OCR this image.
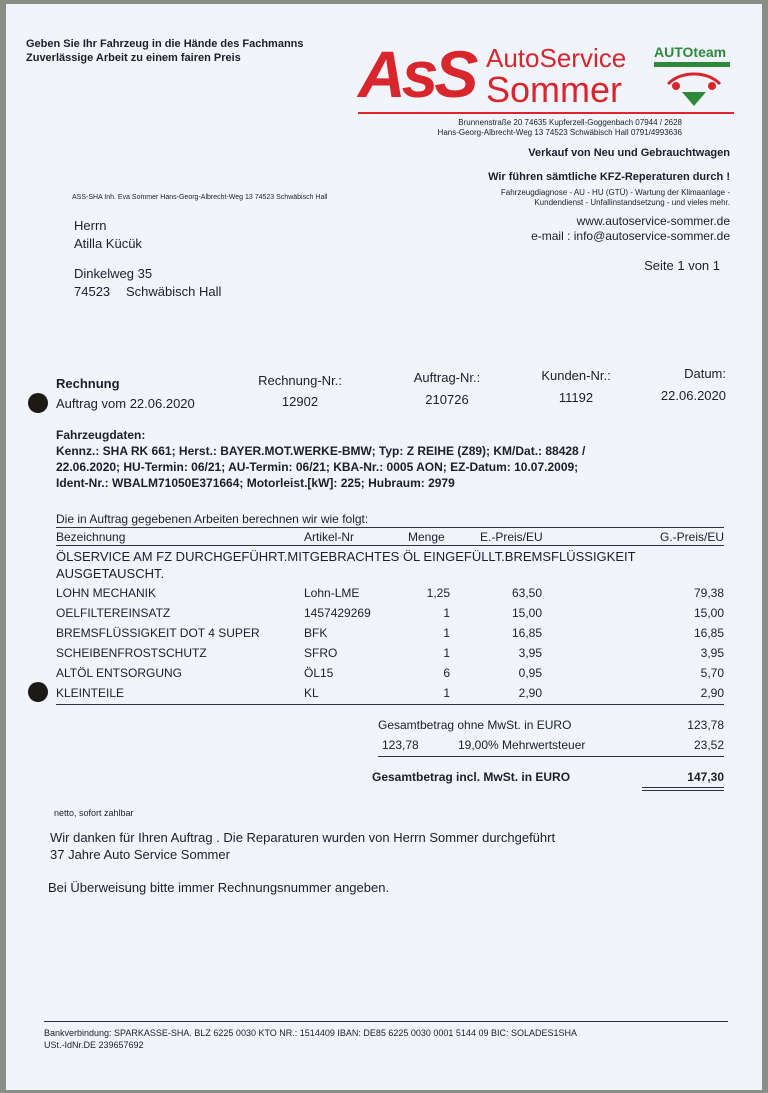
Geben Sie Ihr Fahrzeug in die Hände des Fachmanns
Zuverlässige Arbeit zu einem fairen Preis AsS AutoService
Sommer
AUTOteam
Brunnenstraße 20 74635 Kupferzell-Goggenbach 07944 / 2628
Hans-Georg-Albrecht-Weg 13 74523 Schwäbisch Hall 0791/4993636
Verkauf von Neu und Gebrauchtwagen
Wir führen sämtliche KFZ-Reperaturen durch !
Fahrzeugdiagnose - AU - HU (GTÜ) - Wartung der Klimaanlage -
Kundendienst - Unfallinstandsetzung - und vieles mehr.
www.autoservice-sommer.de
e-mail : info@autoservice-sommer.de
ASS-SHA Inh. Eva Sommer Hans-Georg-Albrecht-Weg 13 74523 Schwäbisch Hall
Herrn
Atilla Kücük
Dinkelweg 35
74523 Schwäbisch Hall
Seite 1 von 1
Rechnung
Auftrag vom 22.06.2020
Rechnung-Nr.:	Auftrag-Nr.:	Kunden-Nr.:	Datum:
12902	210726	11192	22.06.2020
Fahrzeugdaten:
Kennz.: SHA RK 661; Herst.: BAYER.MOT.WERKE-BMW; Typ: Z REIHE (Z89); KM/Dat.: 88428 /
22.06.2020; HU-Termin: 06/21; AU-Termin: 06/21; KBA-Nr.: 0005 AON; EZ-Datum: 10.07.2009;
Ident-Nr.: WBALM71050E371664; Motorleist.[kW]: 225; Hubraum: 2979
Die in Auftrag gegebenen Arbeiten berechnen wir wie folgt:
Bezeichnung	Artikel-Nr	Menge	E.-Preis/EU	G.-Preis/EU
ÖLSERVICE AM FZ DURCHGEFÜHRT.MITGEBRACHTES ÖL EINGEFÜLLT.BREMSFLÜSSIGKEIT
AUSGETAUSCHT.
LOHN MECHANIK	Lohn-LME	1,25	63,50	79,38
OELFILTEREINSATZ	1457429269	1	15,00	15,00
BREMSFLÜSSIGKEIT DOT 4 SUPER	BFK	1	16,85	16,85
SCHEIBENFROSTSCHUTZ	SFRO	1	3,95	3,95
ALTÖL ENTSORGUNG	ÖL15	6	0,95	5,70
KLEINTEILE	KL	1	2,90	2,90
Gesamtbetrag ohne MwSt. in EURO	123,78
123,78	19,00% Mehrwertsteuer	23,52
Gesamtbetrag incl. MwSt. in EURO	147,30
netto, sofort zahlbar
Wir danken für Ihren Auftrag . Die Reparaturen wurden von Herrn Sommer durchgeführt
37 Jahre Auto Service Sommer
Bei Überweisung bitte immer Rechnungsnummer angeben.
Bankverbindung: SPARKASSE-SHA. BLZ 6225 0030 KTO NR.: 1514409 IBAN: DE85 6225 0030 0001 5144 09 BIC: SOLADES1SHA
USt.-IdNr.DE 239657692
